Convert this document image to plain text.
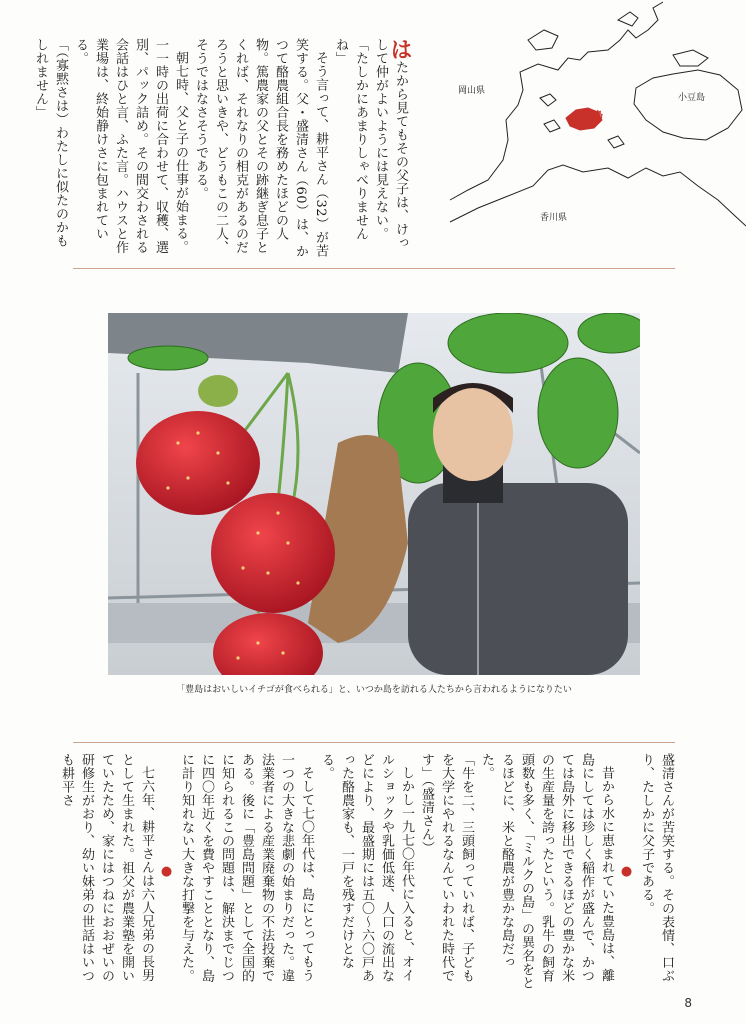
はたから見てもその父子は、けっして仲がよいようには見えない。

「たしかにあまりしゃべりませんね」

そう言って、耕平さん（32）が苦笑する。父・盛清さん（60）は、かつて酪農組合長を務めたほどの人物。篤農家の父とその跡継ぎ息子とくれば、それなりの相克があるのだろうと思いきや、どうもこの二人、そうではなさそうである。

朝七時、父と子の仕事が始まる。一一時の出荷に合わせて、収穫、選別、パック詰め。その間交わされる会話はひと言、ふた言。ハウスと作業場は、終始静けさに包まれている。

「（寡黙さは）わたしに似たのかもしれません」	岡山県
豊島
小豆島
香川県
「豊島はおいしいイチゴが食べられる」と、いつか島を訪れる人たちから言われるようになりたい

盛清さんが苦笑する。その表情、口ぶり、たしかに父子である。

●

昔から水に恵まれていた豊島は、離島にしては珍しく稲作が盛んで、かつては島外に移出できるほどの豊かな米の生産量を誇ったという。乳牛の飼育頭数も多く、「ミルクの島」の異名をとるほどに、米と酪農が豊かな島だった。

「牛を二、三頭飼っていれば、子どもを大学にやれるなんていわれた時代です」（盛清さん）

しかし一九七〇年代に入ると、オイルショックや乳価低迷、人口の流出などにより、最盛期には五〇〜六〇戸あった酪農家も、一戸を残すだけとなる。

そして七〇年代は、島にとってもう一つの大きな悲劇の始まりだった。違法業者による産業廃棄物の不法投棄である。後に「豊島問題」として全国的に知られるこの問題は、解決までじつに四〇年近くを費やすこととなり、島に計り知れない大きな打撃を与えた。

●

七六年、耕平さんは六人兄弟の長男として生まれた。祖父が農業塾を開いていたため、家にはつねにおおぜいの研修生がおり、幼い妹弟の世話はいつも耕平さ

8
